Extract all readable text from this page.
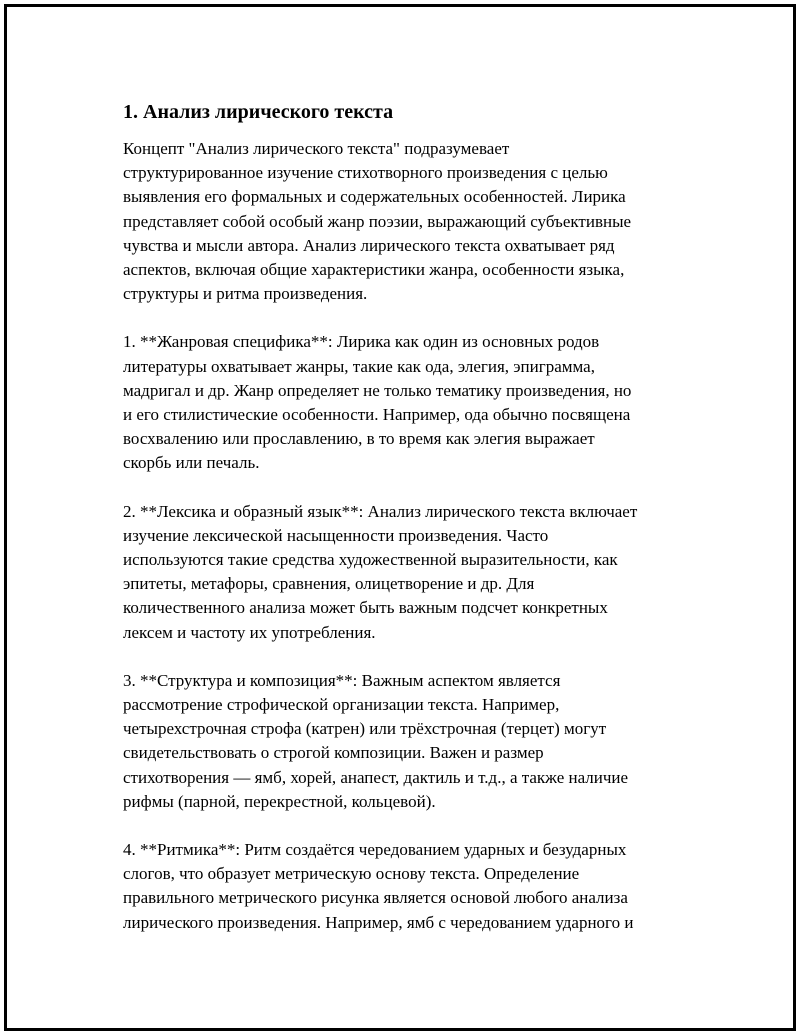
1. Анализ лирического текста

Концепт "Анализ лирического текста" подразумевает
структурированное изучение стихотворного произведения с целью
выявления его формальных и содержательных особенностей. Лирика
представляет собой особый жанр поэзии, выражающий субъективные
чувства и мысли автора. Анализ лирического текста охватывает ряд
аспектов, включая общие характеристики жанра, особенности языка,
структуры и ритма произведения.

1. **Жанровая специфика**: Лирика как один из основных родов
литературы охватывает жанры, такие как ода, элегия, эпиграмма,
мадригал и др. Жанр определяет не только тематику произведения, но
и его стилистические особенности. Например, ода обычно посвящена
восхвалению или прославлению, в то время как элегия выражает
скорбь или печаль.

2. **Лексика и образный язык**: Анализ лирического текста включает
изучение лексической насыщенности произведения. Часто
используются такие средства художественной выразительности, как
эпитеты, метафоры, сравнения, олицетворение и др. Для
количественного анализа может быть важным подсчет конкретных
лексем и частоту их употребления.

3. **Структура и композиция**: Важным аспектом является
рассмотрение строфической организации текста. Например,
четырехстрочная строфа (катрен) или трёхстрочная (терцет) могут
свидетельствовать о строгой композиции. Важен и размер
стихотворения — ямб, хорей, анапест, дактиль и т.д., а также наличие
рифмы (парной, перекрестной, кольцевой).

4. **Ритмика**: Ритм создаётся чередованием ударных и безударных
слогов, что образует метрическую основу текста. Определение
правильного метрического рисунка является основой любого анализа
лирического произведения. Например, ямб с чередованием ударного и
